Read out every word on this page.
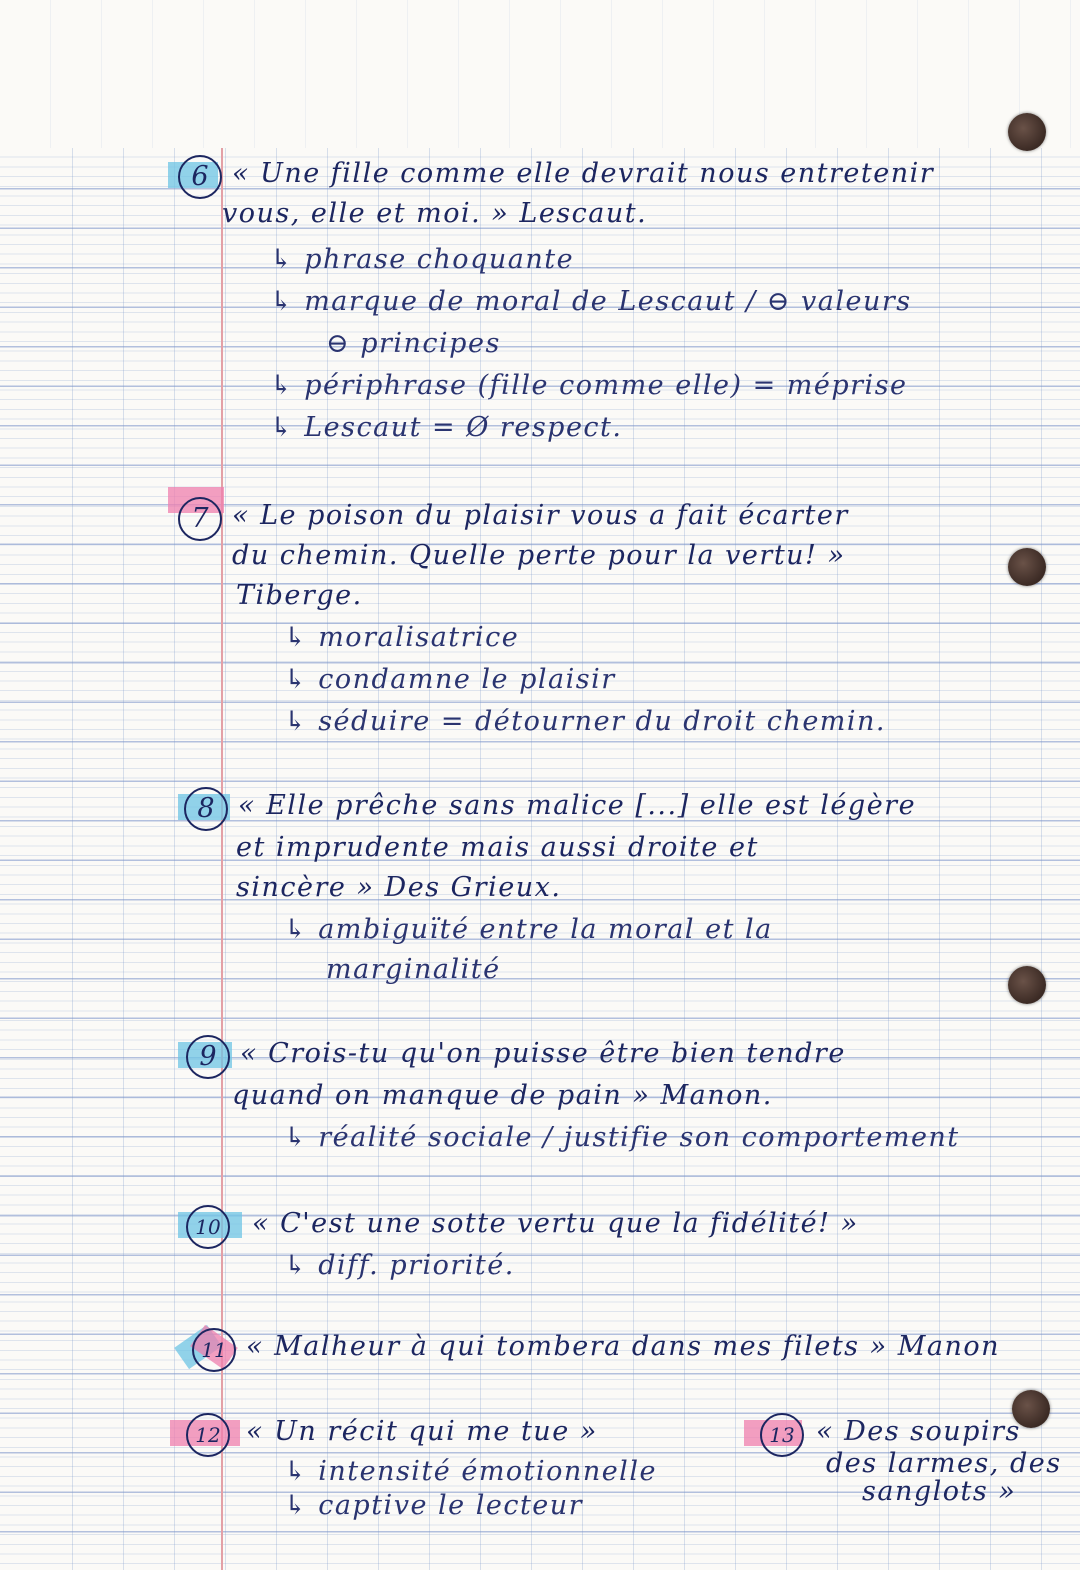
6 « Une fille comme elle devrait nous entretenir
vous, elle et moi. » Lescaut.
↳ phrase choquante
↳ marque de moral de Lescaut / ⊖ valeurs
⊖ principes
↳ périphrase (fille comme elle) = méprise
↳ Lescaut = Ø respect.
7 « Le poison du plaisir vous a fait écarter
du chemin. Quelle perte pour la vertu! »
Tiberge.
↳ moralisatrice
↳ condamne le plaisir
↳ séduire = détourner du droit chemin.
8 « Elle prêche sans malice [...] elle est légère
et imprudente mais aussi droite et
sincère » Des Grieux.
↳ ambiguïté entre la moral et la
marginalité
9 « Crois-tu qu'on puisse être bien tendre
quand on manque de pain » Manon.
↳ réalité sociale / justifie son comportement
10	« C'est une sotte vertu que la fidélité! »
↳ diff. priorité.
11 « Malheur à qui tombera dans mes filets » Manon
12 « Un récit qui me tue »
↳ intensité émotionnelle
↳ captive le lecteur
13 « Des soupirs
des larmes, des
sanglots »
